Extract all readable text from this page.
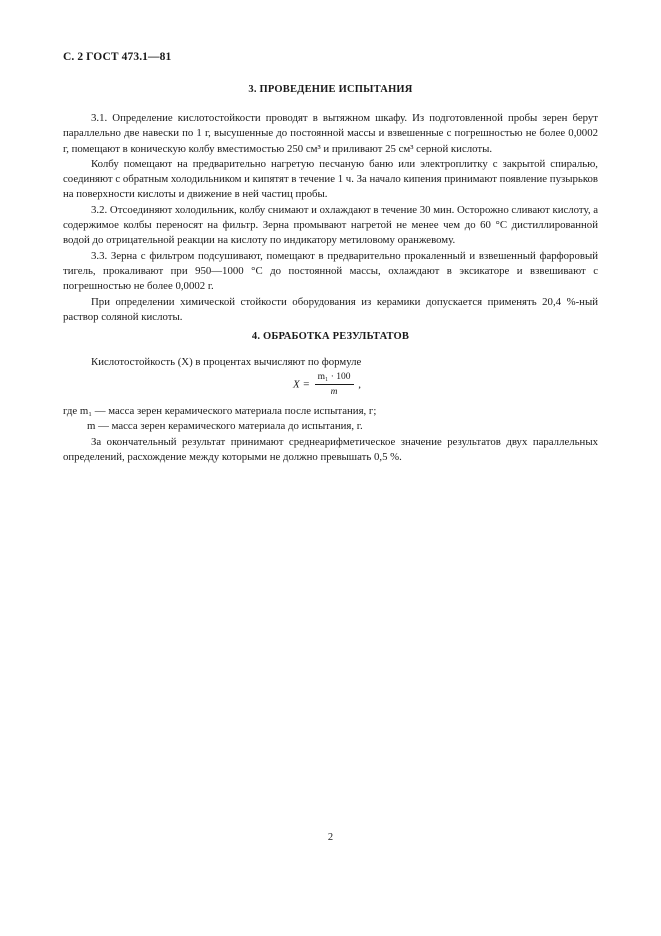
С. 2 ГОСТ 473.1—81
3. ПРОВЕДЕНИЕ ИСПЫТАНИЯ

3.1. Определение кислотостойкости проводят в вытяжном шкафу. Из подготовленной пробы зерен берут параллельно две навески по 1 г, высушенные до постоянной массы и взвешенные с погрешностью не более 0,0002 г, помещают в коническую колбу вместимостью 250 см³ и приливают 25 см³ серной кислоты.

Колбу помещают на предварительно нагретую песчаную баню или электроплитку с закрытой спиралью, соединяют с обратным холодильником и кипятят в течение 1 ч. За начало кипения принимают появление пузырьков на поверхности кислоты и движение в ней частиц пробы.

3.2. Отсоединяют холодильник, колбу снимают и охлаждают в течение 30 мин. Осторожно сливают кислоту, а содержимое колбы переносят на фильтр. Зерна промывают нагретой не менее чем до 60 °С дистиллированной водой до отрицательной реакции на кислоту по индикатору метиловому оранжевому.

3.3. Зерна с фильтром подсушивают, помещают в предварительно прокаленный и взвешенный фарфоровый тигель, прокаливают при 950—1000 °С до постоянной массы, охлаждают в эксикаторе и взвешивают с погрешностью не более 0,0002 г.

При определении химической стойкости оборудования из керамики допускается применять 20,4 %-ный раствор соляной кислоты.

4. ОБРАБОТКА РЕЗУЛЬТАТОВ

Кислотостойкость (X) в процентах вычисляют по формуле

$X = \frac{\text{m₁ · 100}}{m}$ ,

где m₁ — масса зерен керамического материала после испытания, г;

m — масса зерен керамического материала до испытания, г.

За окончательный результат принимают среднеарифметическое значение результатов двух параллельных определений, расхождение между которыми не должно превышать 0,5 %.

2
